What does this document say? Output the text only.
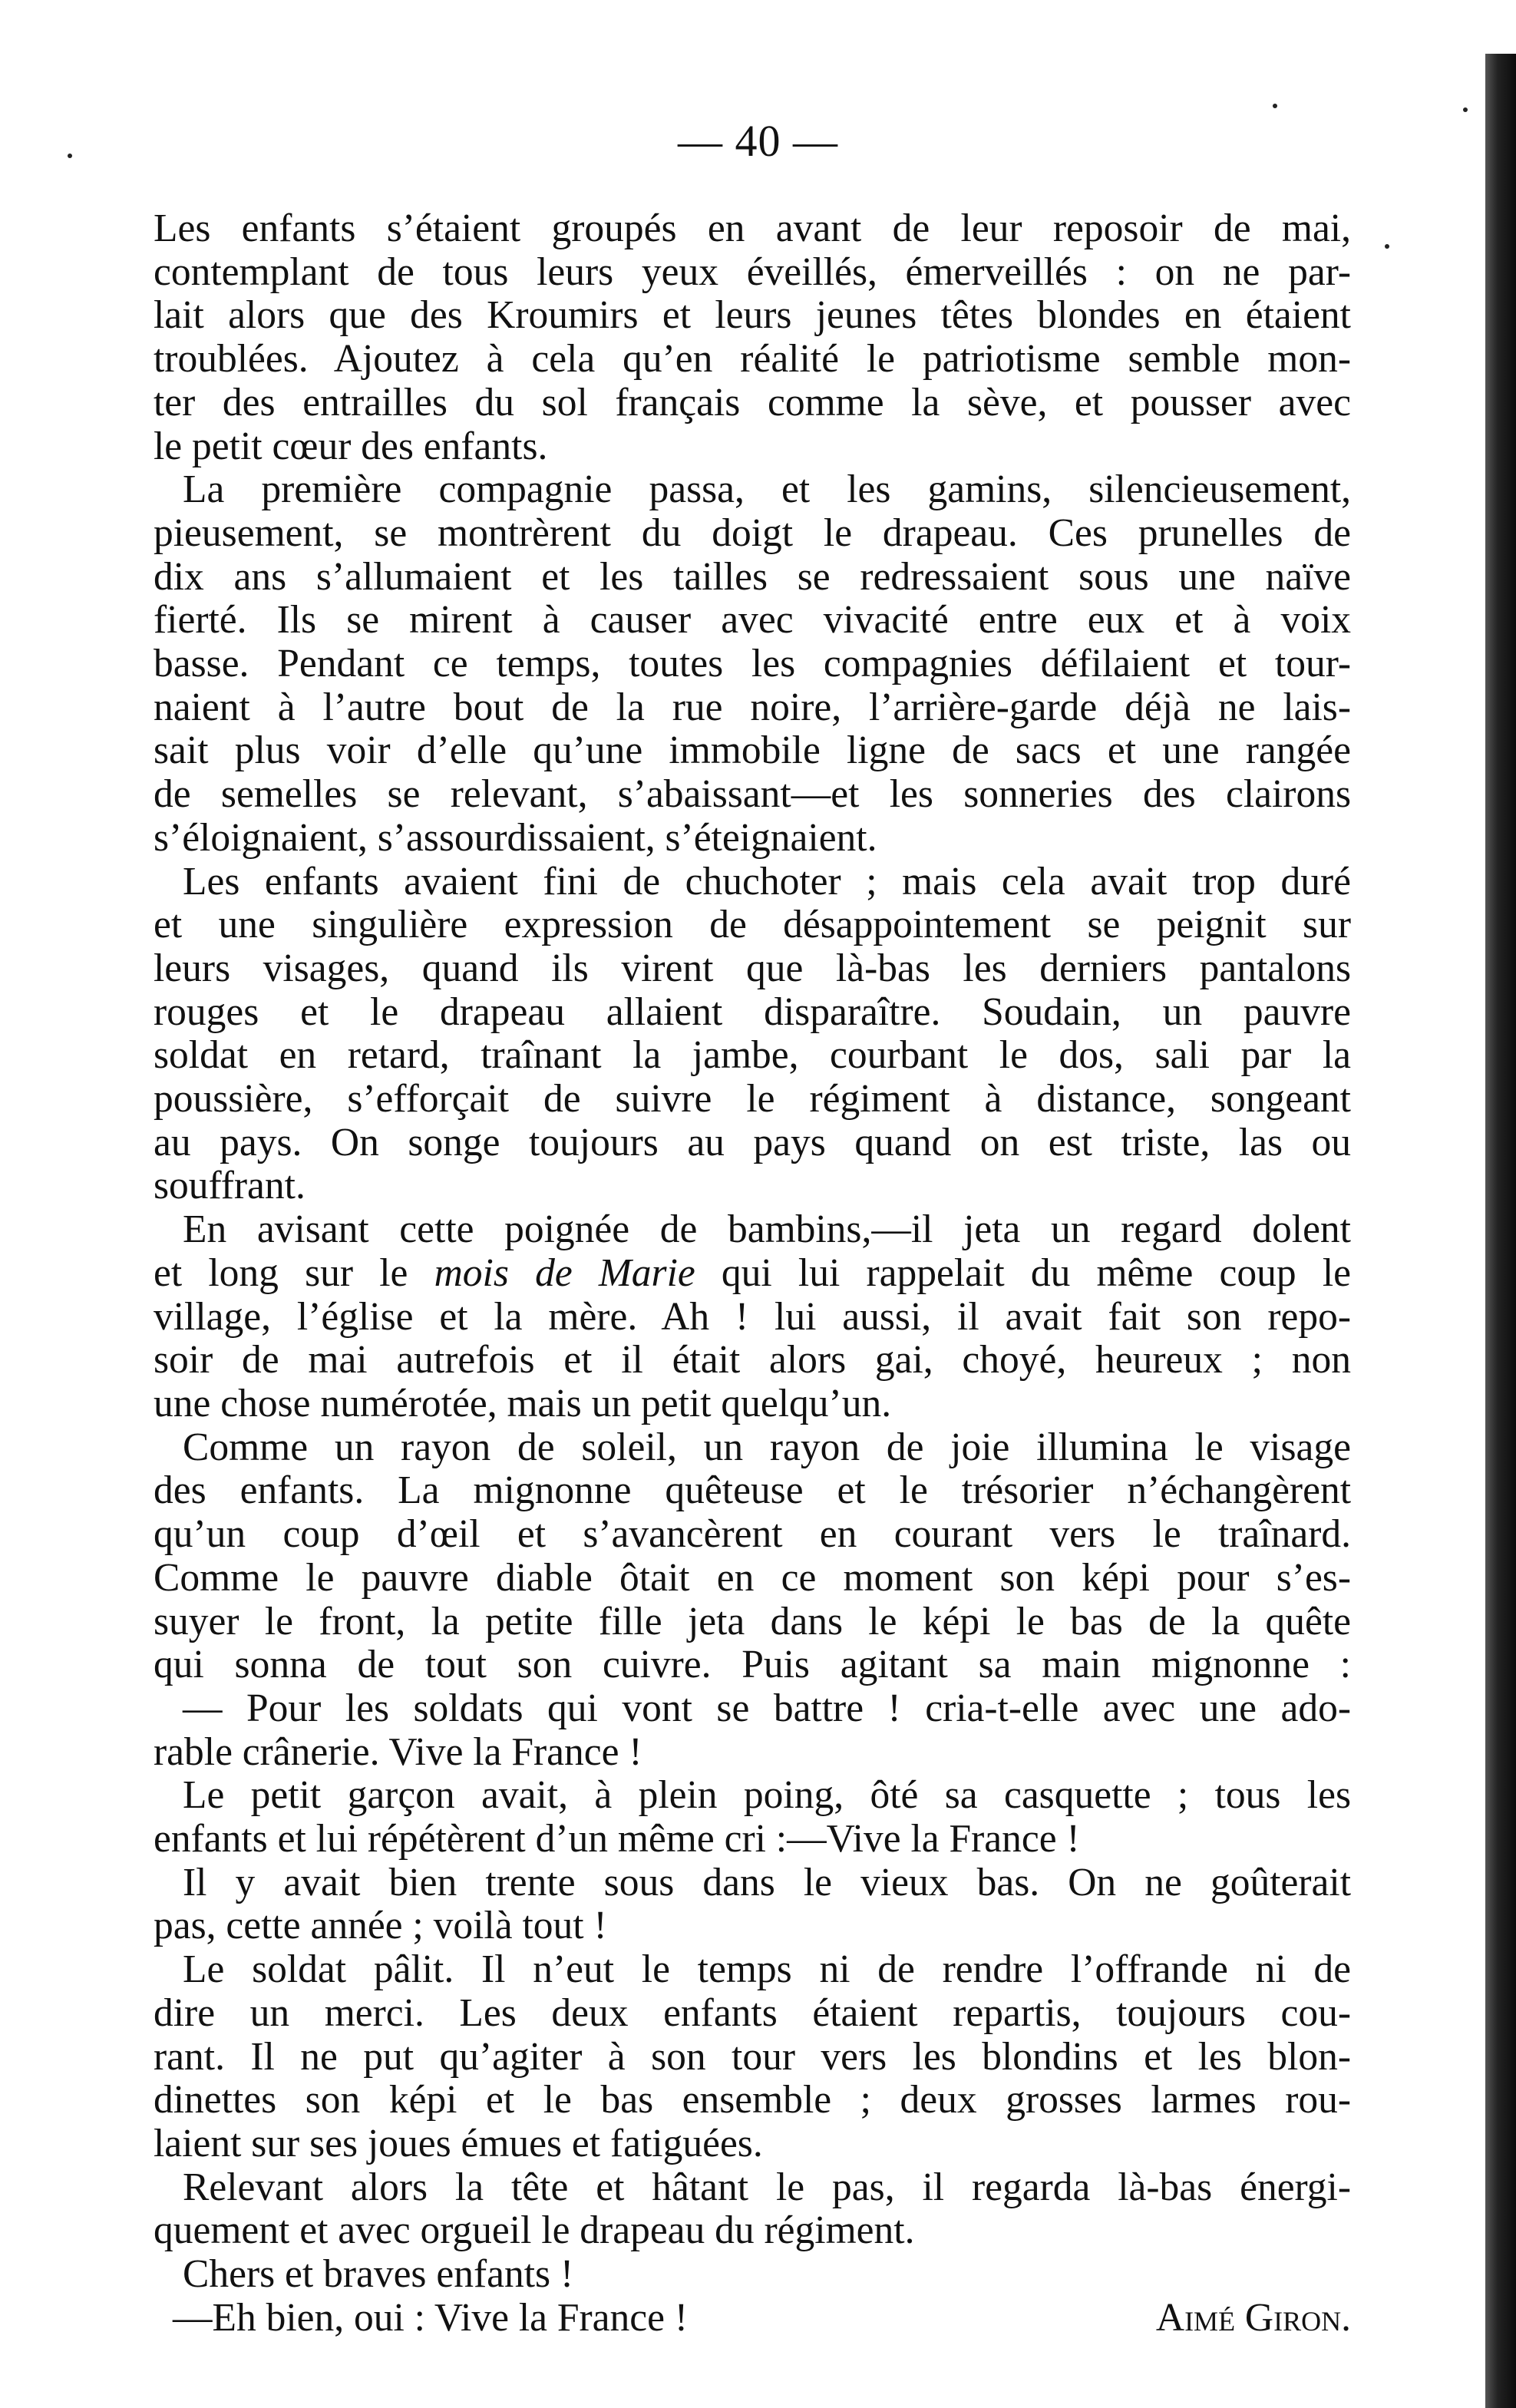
— 40 —
Les enfants s’étaient groupés en avant de leur reposoir de mai,
contemplant de tous leurs yeux éveillés, émerveillés : on ne par-
lait alors que des Kroumirs et leurs jeunes têtes blondes en étaient
troublées. Ajoutez à cela qu’en réalité le patriotisme semble mon-
ter des entrailles du sol français comme la sève, et pousser avec
le petit cœur des enfants.
La première compagnie passa, et les gamins, silencieusement,
pieusement, se montrèrent du doigt le drapeau. Ces prunelles de
dix ans s’allumaient et les tailles se redressaient sous une naïve
fierté. Ils se mirent à causer avec vivacité entre eux et à voix
basse. Pendant ce temps, toutes les compagnies défilaient et tour-
naient à l’autre bout de la rue noire, l’arrière-garde déjà ne lais-
sait plus voir d’elle qu’une immobile ligne de sacs et une rangée
de semelles se relevant, s’abaissant—et les sonneries des clairons
s’éloignaient, s’assourdissaient, s’éteignaient.
Les enfants avaient fini de chuchoter ; mais cela avait trop duré
et une singulière expression de désappointement se peignit sur
leurs visages, quand ils virent que là-bas les derniers pantalons
rouges et le drapeau allaient disparaître. Soudain, un pauvre
soldat en retard, traînant la jambe, courbant le dos, sali par la
poussière, s’efforçait de suivre le régiment à distance, songeant
au pays. On songe toujours au pays quand on est triste, las ou
souffrant.
En avisant cette poignée de bambins,—il jeta un regard dolent
et long sur le mois de Marie qui lui rappelait du même coup le
village, l’église et la mère. Ah ! lui aussi, il avait fait son repo-
soir de mai autrefois et il était alors gai, choyé, heureux ; non
une chose numérotée, mais un petit quelqu’un.
Comme un rayon de soleil, un rayon de joie illumina le visage
des enfants. La mignonne quêteuse et le trésorier n’échangèrent
qu’un coup d’œil et s’avancèrent en courant vers le traînard.
Comme le pauvre diable ôtait en ce moment son képi pour s’es-
suyer le front, la petite fille jeta dans le képi le bas de la quête
qui sonna de tout son cuivre. Puis agitant sa main mignonne :
— Pour les soldats qui vont se battre ! cria-t-elle avec une ado-
rable crânerie. Vive la France !
Le petit garçon avait, à plein poing, ôté sa casquette ; tous les
enfants et lui répétèrent d’un même cri :—Vive la France !
Il y avait bien trente sous dans le vieux bas. On ne goûterait
pas, cette année ; voilà tout !
Le soldat pâlit. Il n’eut le temps ni de rendre l’offrande ni de
dire un merci. Les deux enfants étaient repartis, toujours cou-
rant. Il ne put qu’agiter à son tour vers les blondins et les blon-
dinettes son képi et le bas ensemble ; deux grosses larmes rou-
laient sur ses joues émues et fatiguées.
Relevant alors la tête et hâtant le pas, il regarda là-bas énergi-
quement et avec orgueil le drapeau du régiment.
Chers et braves enfants !
—Eh bien, oui : Vive la France !	Aimé Giron.
